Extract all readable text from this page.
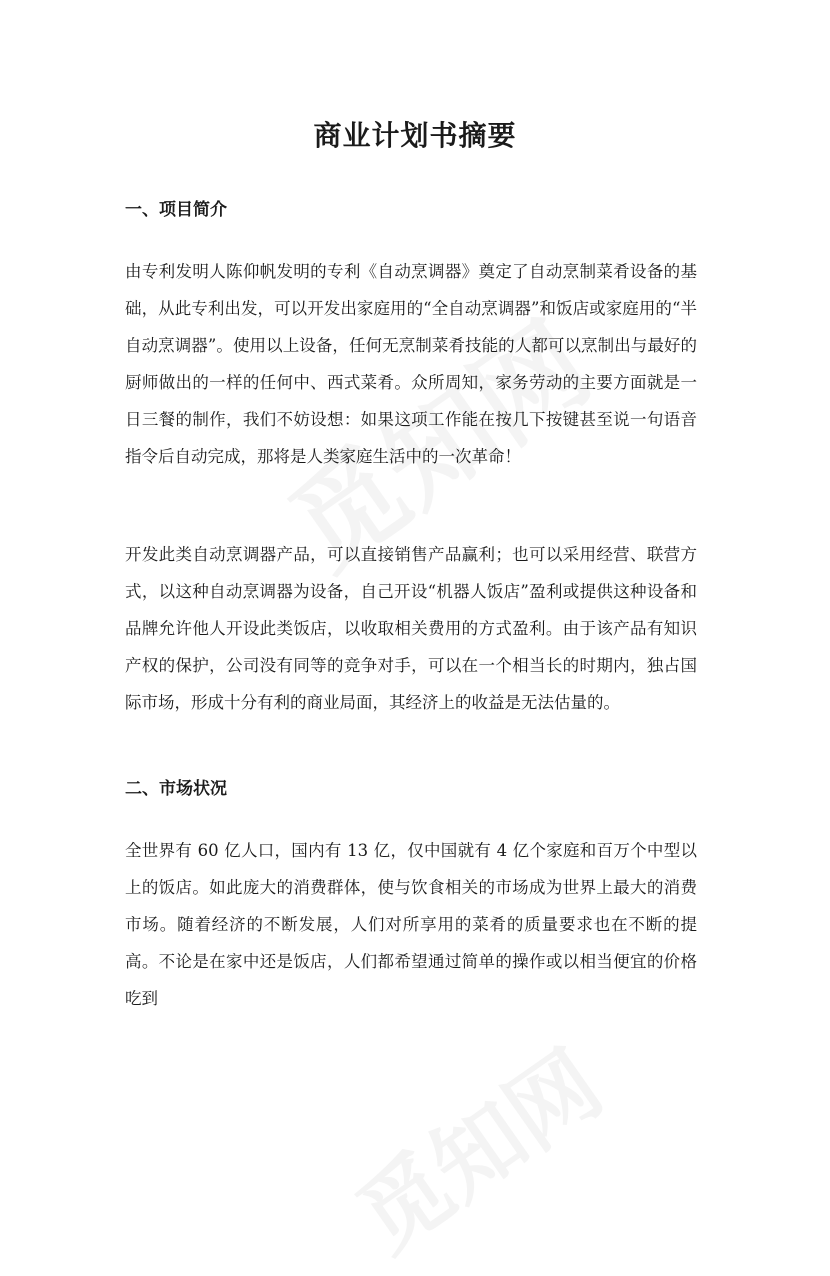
商业计划书摘要
一、项目简介

由专利发明人陈仰帆发明的专利《自动烹调器》奠定了自动烹制菜肴设备的基础，从此专利出发，可以开发出家庭用的“全自动烹调器”和饭店或家庭用的“半自动烹调器”。使用以上设备，任何无烹制菜肴技能的人都可以烹制出与最好的厨师做出的一样的任何中、西式菜肴。众所周知，家务劳动的主要方面就是一日三餐的制作，我们不妨设想：如果这项工作能在按几下按键甚至说一句语音指令后自动完成，那将是人类家庭生活中的一次革命！

开发此类自动烹调器产品，可以直接销售产品赢利；也可以采用经营、联营方式，以这种自动烹调器为设备，自己开设“机器人饭店”盈利或提供这种设备和品牌允许他人开设此类饭店，以收取相关费用的方式盈利。由于该产品有知识产权的保护，公司没有同等的竞争对手，可以在一个相当长的时期内，独占国际市场，形成十分有利的商业局面，其经济上的收益是无法估量的。

二、市场状况

全世界有 60 亿人口，国内有 13 亿，仅中国就有 4 亿个家庭和百万个中型以上的饭店。如此庞大的消费群体，使与饮食相关的市场成为世界上最大的消费市场。随着经济的不断发展，人们对所享用的菜肴的质量要求也在不断的提高。不论是在家中还是饭店，人们都希望通过简单的操作或以相当便宜的价格吃到
